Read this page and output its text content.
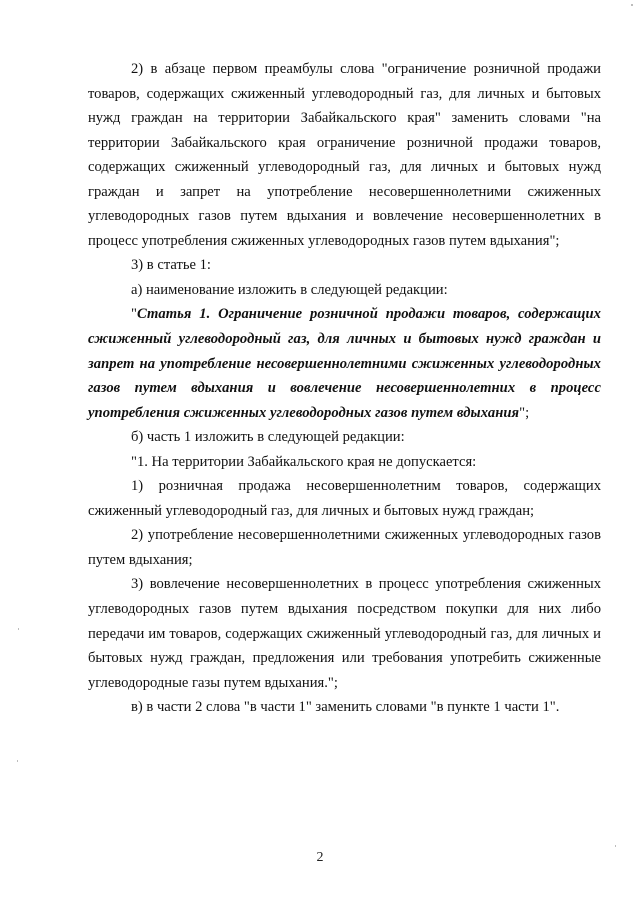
2) в абзаце первом преамбулы слова "ограничение розничной продажи товаров, содержащих сжиженный углеводородный газ, для личных и бытовых нужд граждан на территории Забайкальского края" заменить словами "на территории Забайкальского края ограничение розничной продажи товаров, содержащих сжиженный углеводородный газ, для личных и бытовых нужд граждан и запрет на употребление несовершеннолетними сжиженных углеводородных газов путем вдыхания и вовлечение несовершеннолетних в процесс употребления сжиженных углеводородных газов путем вдыхания";

3) в статье 1:

а) наименование изложить в следующей редакции:

"Статья 1. Ограничение розничной продажи товаров, содержащих сжиженный углеводородный газ, для личных и бытовых нужд граждан и запрет на употребление несовершеннолетними сжиженных углеводородных газов путем вдыхания и вовлечение несовершеннолетних в процесс употребления сжиженных углеводородных газов путем вдыхания";

б) часть 1 изложить в следующей редакции:

"1. На территории Забайкальского края не допускается:

1) розничная продажа несовершеннолетним товаров, содержащих сжиженный углеводородный газ, для личных и бытовых нужд граждан;

2) употребление несовершеннолетними сжиженных углеводородных газов путем вдыхания;

3) вовлечение несовершеннолетних в процесс употребления сжиженных углеводородных газов путем вдыхания посредством покупки для них либо передачи им товаров, содержащих сжиженный углеводородный газ, для личных и бытовых нужд граждан, предложения или требования употребить сжиженные углеводородные газы путем вдыхания.";

в) в части 2 слова "в части 1" заменить словами "в пункте 1 части 1".

2
